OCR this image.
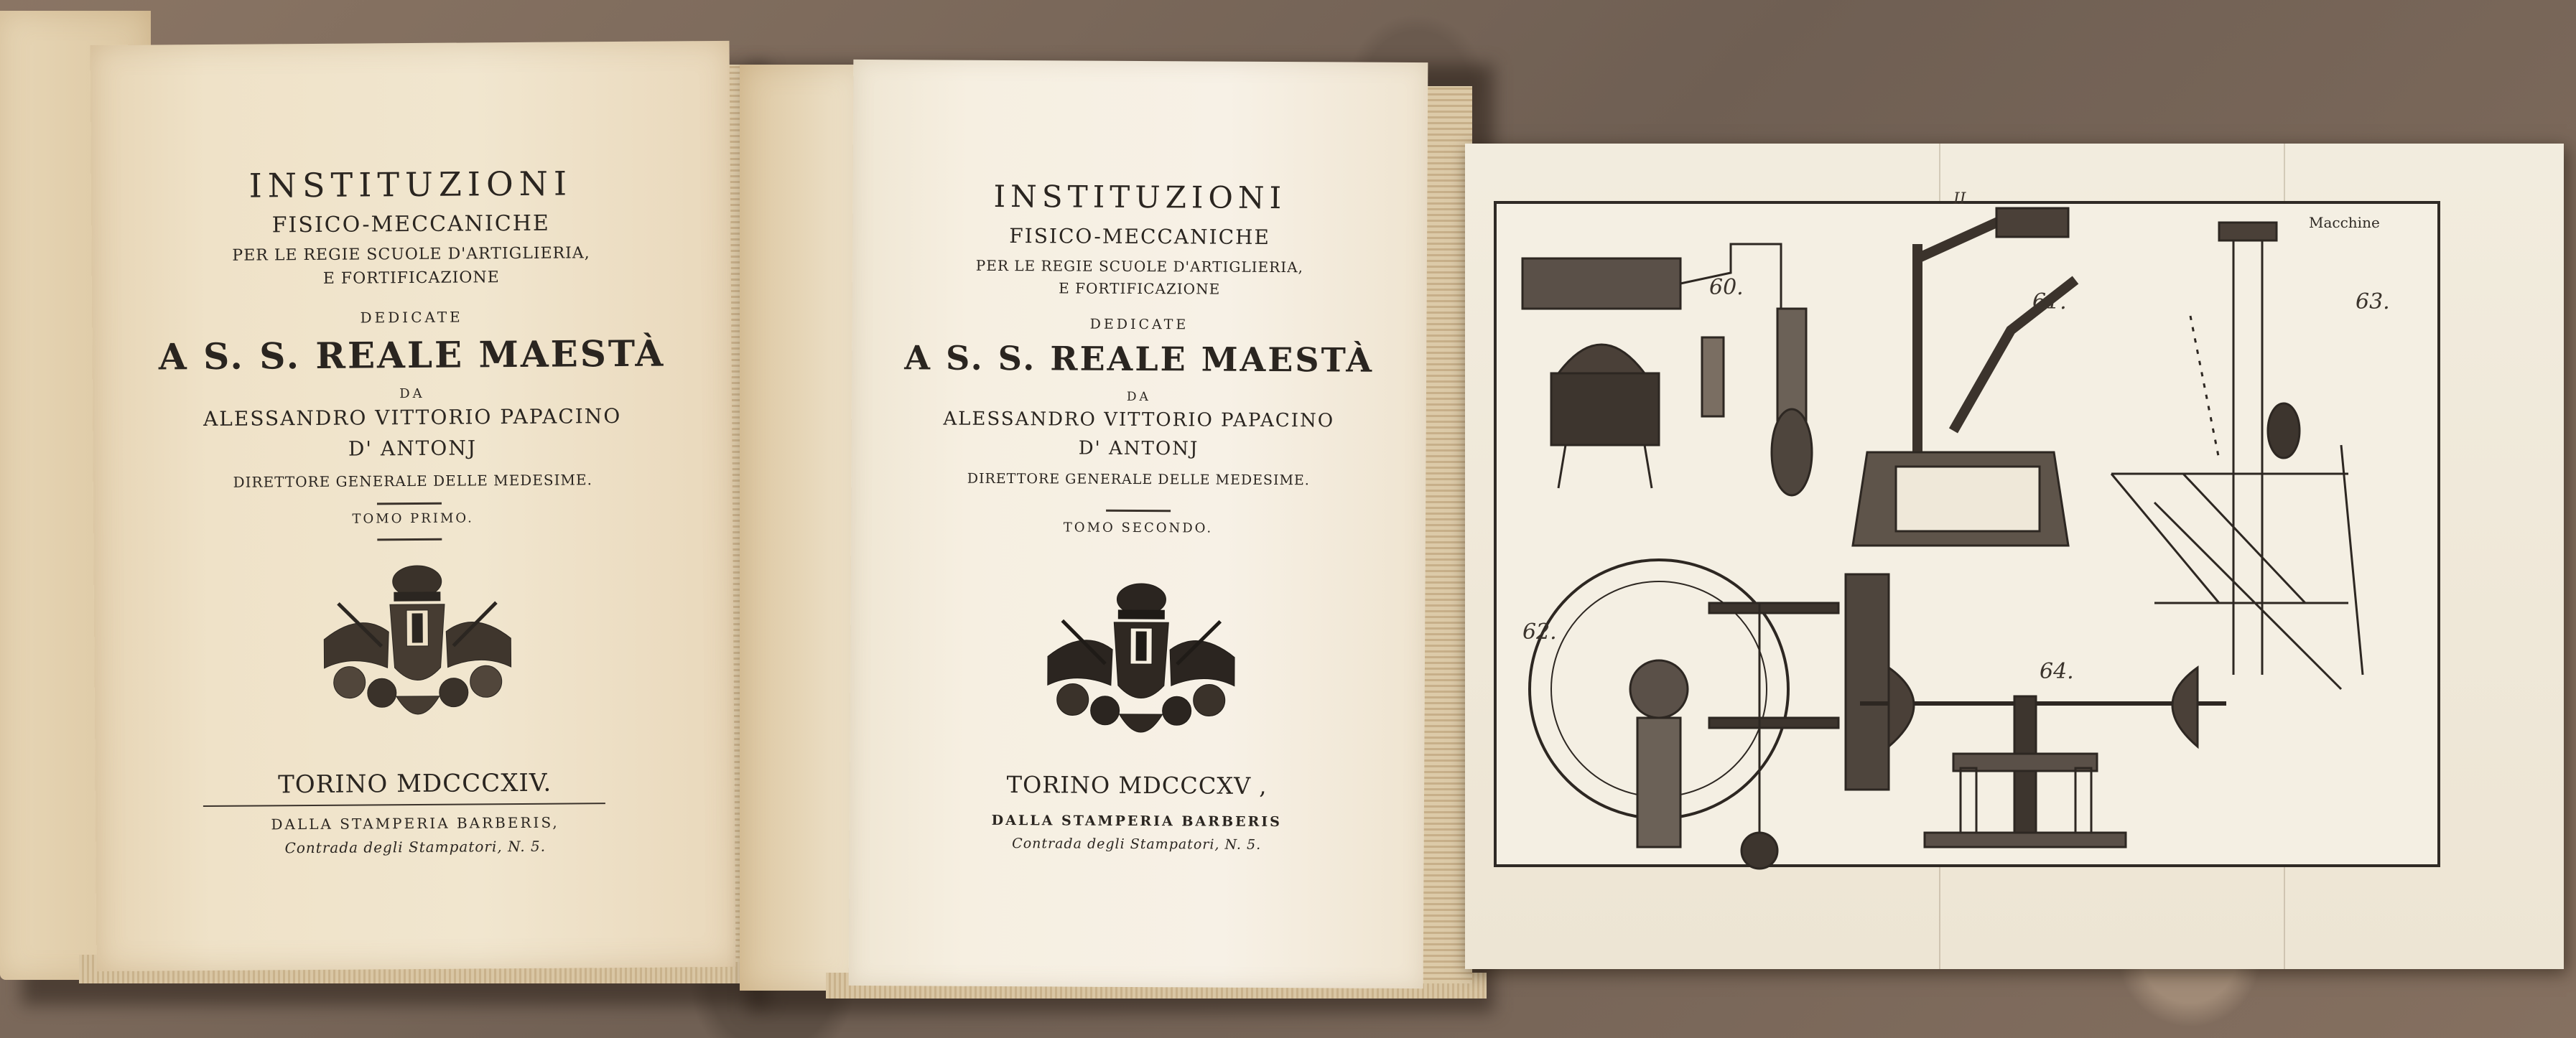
INSTITUZIONI
FISICO-MECCANICHE
PER LE REGIE SCUOLE D'ARTIGLIERIA,
E FORTIFICAZIONE
DEDICATE
A S. S. REALE MAESTÀ
DA
ALESSANDRO VITTORIO PAPACINO
D' ANTONJ
DIRETTORE GENERALE DELLE MEDESIME.
TOMO PRIMO.
TORINO MDCCCXIV.
DALLA STAMPERIA BARBERIS,
Contrada degli Stampatori, N. 5.
INSTITUZIONI
FISICO-MECCANICHE
PER LE REGIE SCUOLE D'ARTIGLIERIA,
E FORTIFICAZIONE
DEDICATE
A S. S. REALE MAESTÀ
DA
ALESSANDRO VITTORIO PAPACINO
D' ANTONJ
DIRETTORE GENERALE DELLE MEDESIME.
TOMO SECONDO.
TORINO MDCCCXV ,
DALLA STAMPERIA BARBERIS
Contrada degli Stampatori, N. 5.
60.
61.
62.
63.
64.
II
Macchine
